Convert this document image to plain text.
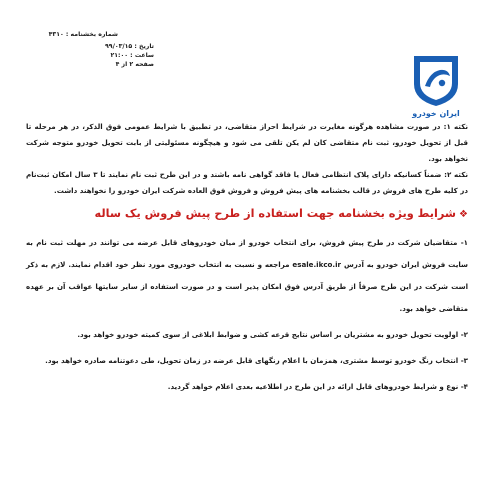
شماره بخشنامه : ۴۳۱۰
تاریخ : ۹۹/۰۳/۱۵
ساعت : ۲۱:۰۰
صفحه ۲ از ۴
ایران خودرو

نکته ۱: در صورت مشاهده هرگونه مغایرت در شرایط احراز متقاضی، در تطبیق با شرایط عمومی فوق الذکر، در هر مرحله تا قبل از تحویل خودرو، ثبت نام متقاضی کان لم یکن تلقی می شود و هیچگونه مسئولیتی از بابت تحویل خودرو متوجه شرکت نخواهد بود.

نکته ۲: ضمناً کسانیکه دارای پلاک انتظامی فعال یا فاقد گواهی نامه باشند و در این طرح ثبت نام نمایند تا ۳ سال امکان ثبت‌نام در کلیه طرح های فروش در قالب بخشنامه های پیش فروش و فروش فوق العاده شرکت ایران خودرو را نخواهند داشت.

❖شرایط ویژه بخشنامه جهت استفاده از طرح پیش فروش یک ساله

۱- متقاضیان شرکت در طرح پیش فروش، برای انتخاب خودرو از میان خودروهای قابل عرضه می توانند در مهلت ثبت نام به سایت فروش ایران خودرو به آدرس esale.ikco.ir مراجعه و نسبت به انتخاب خودروی مورد نظر خود اقدام نمایند. لازم به ذکر است شرکت در این طرح صرفاً از طریق آدرس فوق امکان پذیر است و در صورت استفاده از سایر سایتها عواقب آن بر عهده متقاضی خواهد بود.

۲- اولویت تحویل خودرو به مشتریان بر اساس نتایج قرعه کشی و ضوابط ابلاغی از سوی کمیته خودرو خواهد بود.

۳- انتخاب رنگ خودرو توسط مشتری، همزمان با اعلام رنگهای قابل عرضه در زمان تحویل، طی دعوتنامه صادره خواهد بود.

۴- نوع و شرایط خودروهای قابل ارائه در این طرح در اطلاعیه بعدی اعلام خواهد گردید.
